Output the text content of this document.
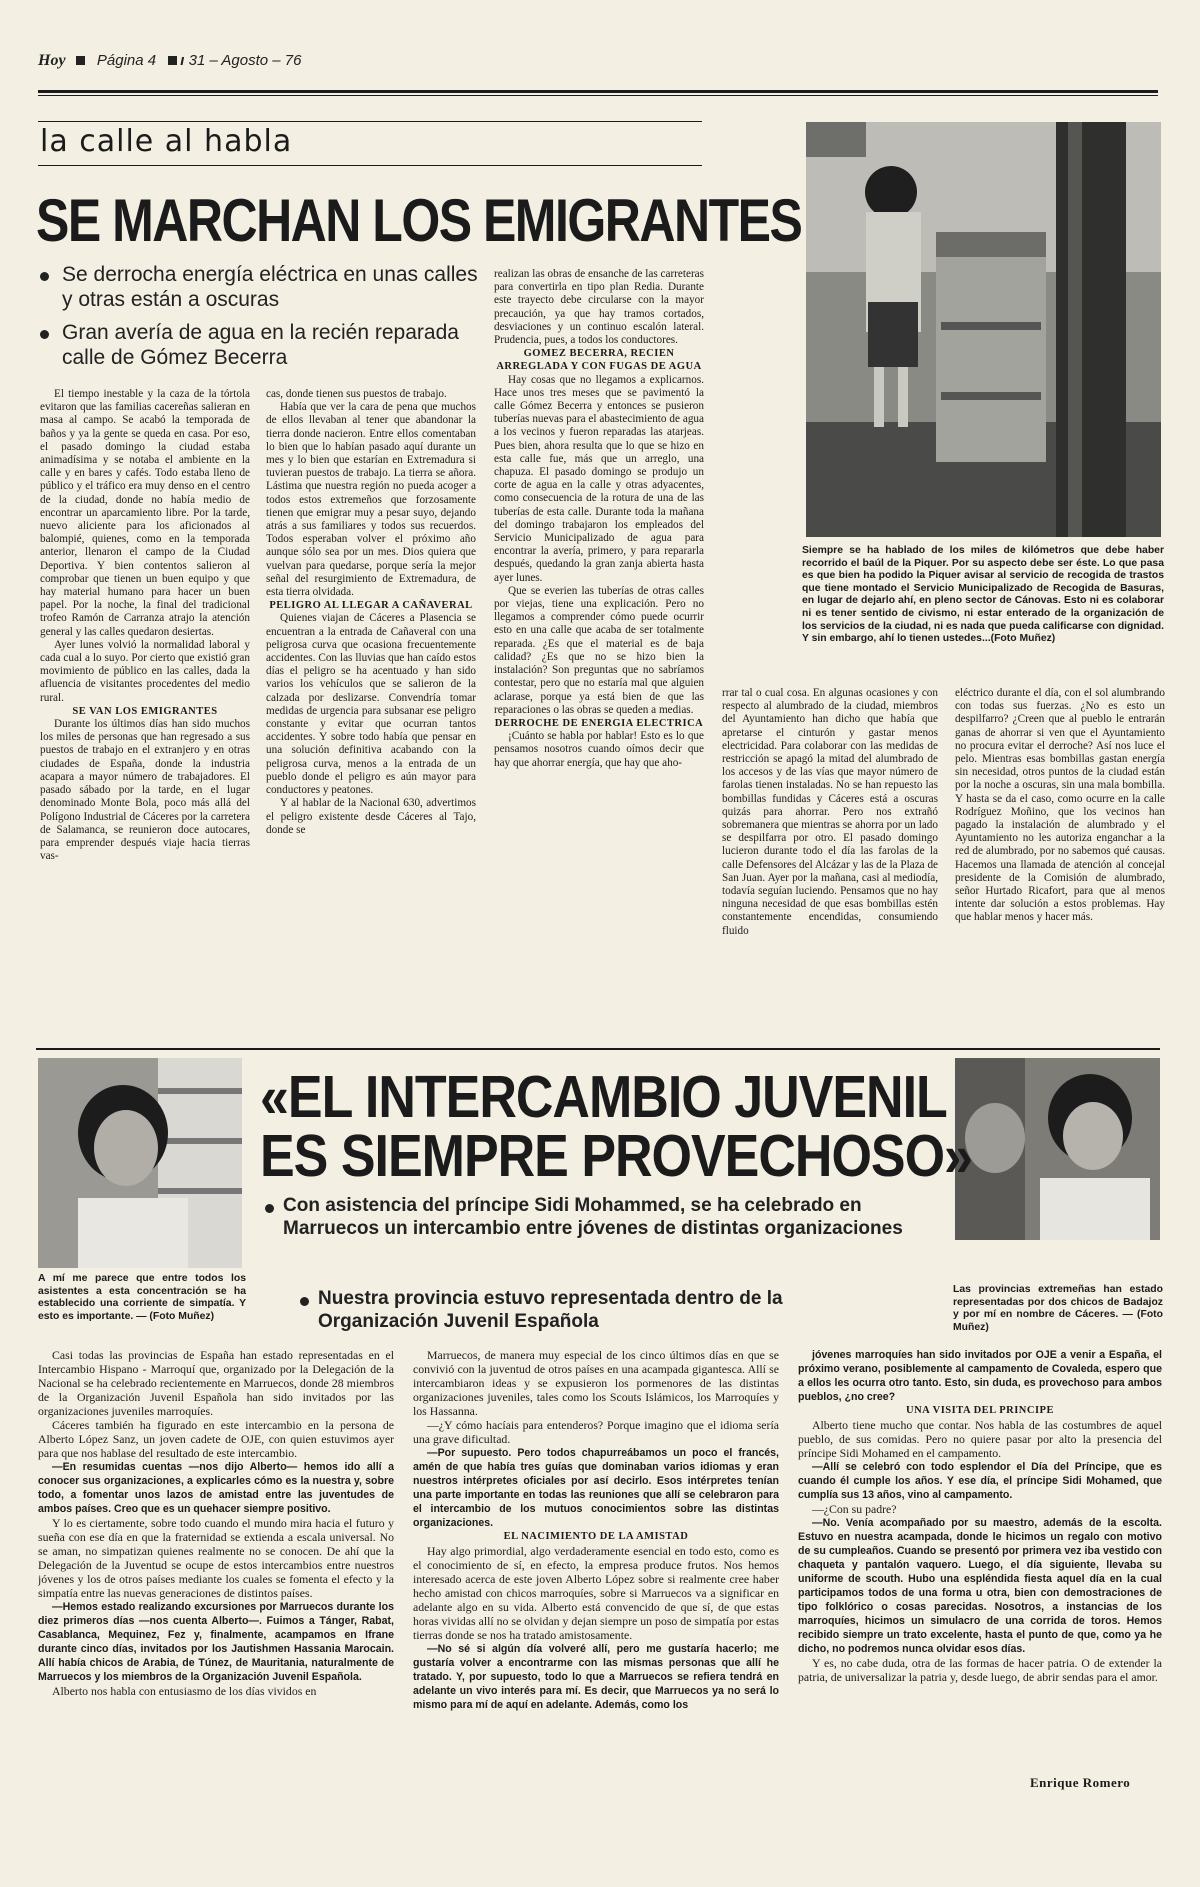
Hoy Página 4 ı 31 – Agosto – 76
la calle al habla
SE MARCHAN LOS EMIGRANTES
Se derrocha energía eléctrica en unas calles y otras están a oscuras
Gran avería de agua en la recién reparada calle de Gómez Becerra

El tiempo inestable y la caza de la tórtola evitaron que las familias cacereñas salieran en masa al campo. Se acabó la temporada de baños y ya la gente se queda en casa. Por eso, el pasado domingo la ciudad estaba animadísima y se notaba el ambiente en la calle y en bares y cafés. Todo estaba lleno de público y el tráfico era muy denso en el centro de la ciudad, donde no había medio de encontrar un aparcamiento libre. Por la tarde, nuevo aliciente para los aficionados al balompié, quienes, como en la temporada anterior, llenaron el campo de la Ciudad Deportiva. Y bien contentos salieron al comprobar que tienen un buen equipo y que hay material humano para hacer un buen papel. Por la noche, la final del tradicional trofeo Ramón de Carranza atrajo la atención general y las calles quedaron desiertas.

Ayer lunes volvió la normalidad laboral y cada cual a lo suyo. Por cierto que existió gran movimiento de público en las calles, dada la afluencia de visitantes procedentes del medio rural.

SE VAN LOS EMIGRANTES

Durante los últimos días han sido muchos los miles de personas que han regresado a sus puestos de trabajo en el extranjero y en otras ciudades de España, donde la industria acapara a mayor número de trabajadores. El pasado sábado por la tarde, en el lugar denominado Monte Bola, poco más allá del Polígono Industrial de Cáceres por la carretera de Salamanca, se reunieron doce autocares, para emprender después viaje hacia tierras vas-

cas, donde tienen sus puestos de trabajo.

Había que ver la cara de pena que muchos de ellos llevaban al tener que abandonar la tierra donde nacieron. Entre ellos comentaban lo bien que lo habían pasado aquí durante un mes y lo bien que estarían en Extremadura si tuvieran puestos de trabajo. La tierra se añora. Lástima que nuestra región no pueda acoger a todos estos extremeños que forzosamente tienen que emigrar muy a pesar suyo, dejando atrás a sus familiares y todos sus recuerdos. Todos esperaban volver el próximo año aunque sólo sea por un mes. Dios quiera que vuelvan para quedarse, porque sería la mejor señal del resurgimiento de Extremadura, de esta tierra olvidada.

PELIGRO AL LLEGAR A CAÑAVERAL

Quienes viajan de Cáceres a Plasencia se encuentran a la entrada de Cañaveral con una peligrosa curva que ocasiona frecuentemente accidentes. Con las lluvias que han caído estos días el peligro se ha acentuado y han sido varios los vehículos que se salieron de la calzada por deslizarse. Convendría tomar medidas de urgencia para subsanar ese peligro constante y evitar que ocurran tantos accidentes. Y sobre todo había que pensar en una solución definitiva acabando con la peligrosa curva, menos a la entrada de un pueblo donde el peligro es aún mayor para conductores y peatones.

Y al hablar de la Nacional 630, advertimos el peligro existente desde Cáceres al Tajo, donde se

realizan las obras de ensanche de las carreteras para convertirla en tipo plan Redia. Durante este trayecto debe circularse con la mayor precaución, ya que hay tramos cortados, desviaciones y un continuo escalón lateral. Prudencia, pues, a todos los conductores.

GOMEZ BECERRA, RECIEN ARREGLADA Y CON FUGAS DE AGUA

Hay cosas que no llegamos a explicarnos. Hace unos tres meses que se pavimentó la calle Gómez Becerra y entonces se pusieron tuberías nuevas para el abastecimiento de agua a los vecinos y fueron reparadas las atarjeas. Pues bien, ahora resulta que lo que se hizo en esta calle fue, más que un arreglo, una chapuza. El pasado domingo se produjo un corte de agua en la calle y otras adyacentes, como consecuencia de la rotura de una de las tuberías de esta calle. Durante toda la mañana del domingo trabajaron los empleados del Servicio Municipalizado de agua para encontrar la avería, primero, y para repararla después, quedando la gran zanja abierta hasta ayer lunes.

Que se everien las tuberías de otras calles por viejas, tiene una explicación. Pero no llegamos a comprender cómo puede ocurrir esto en una calle que acaba de ser totalmente reparada. ¿Es que el material es de baja calidad? ¿Es que no se hizo bien la instalación? Son preguntas que no sabríamos contestar, pero que no estaría mal que alguien aclarase, porque ya está bien de que las reparaciones o las obras se queden a medias.

DERROCHE DE ENERGIA ELECTRICA

¡Cuánto se habla por hablar! Esto es lo que pensamos nosotros cuando oímos decir que hay que ahorrar energía, que hay que aho-

rrar tal o cual cosa. En algunas ocasiones y con respecto al alumbrado de la ciudad, miembros del Ayuntamiento han dicho que había que apretarse el cinturón y gastar menos electricidad. Para colaborar con las medidas de restricción se apagó la mitad del alumbrado de los accesos y de las vías que mayor número de farolas tienen instaladas. No se han repuesto las bombillas fundidas y Cáceres está a oscuras quizás para ahorrar. Pero nos extrañó sobremanera que mientras se ahorra por un lado se despilfarra por otro. El pasado domingo lucieron durante todo el día las farolas de la calle Defensores del Alcázar y las de la Plaza de San Juan. Ayer por la mañana, casi al mediodía, todavía seguían luciendo. Pensamos que no hay ninguna necesidad de que esas bombillas estén constantemente encendidas, consumiendo fluido

eléctrico durante el día, con el sol alumbrando con todas sus fuerzas. ¿No es esto un despilfarro? ¿Creen que al pueblo le entrarán ganas de ahorrar si ven que el Ayuntamiento no procura evitar el derroche? Así nos luce el pelo. Mientras esas bombillas gastan energía sin necesidad, otros puntos de la ciudad están por la noche a oscuras, sin una mala bombilla. Y hasta se da el caso, como ocurre en la calle Rodríguez Moñino, que los vecinos han pagado la instalación de alumbrado y el Ayuntamiento no les autoriza enganchar a la red de alumbrado, por no sabemos qué causas. Hacemos una llamada de atención al concejal presidente de la Comisión de alumbrado, señor Hurtado Ricafort, para que al menos intente dar solución a estos problemas. Hay que hablar menos y hacer más.

Siempre se ha hablado de los miles de kilómetros que debe haber recorrido el baúl de la Piquer. Por su aspecto debe ser éste. Lo que pasa es que bien ha podido la Piquer avisar al servicio de recogida de trastos que tiene montado el Servicio Municipalizado de Recogida de Basuras, en lugar de dejarlo ahí, en pleno sector de Cánovas. Esto ni es colaborar ni es tener sentido de civismo, ni estar enterado de la organización de los servicios de la ciudad, ni es nada que pueda calificarse con dignidad. Y sin embargo, ahí lo tienen ustedes...(Foto Muñez)
A mí me parece que entre todos los asistentes a esta concentración se ha establecido una corriente de simpatía. Y esto es importante. — (Foto Muñez)
Las provincias extremeñas han estado representadas por dos chicos de Badajoz y por mí en nombre de Cáceres. — (Foto Muñez)
«EL INTERCAMBIO JUVENIL
ES SIEMPRE PROVECHOSO»
Con asistencia del príncipe Sidi Mohammed, se ha celebrado en Marruecos un intercambio entre jóvenes de distintas organizaciones
Nuestra provincia estuvo representada dentro de la Organización Juvenil Española

Casi todas las provincias de España han estado representadas en el Intercambio Hispano - Marroquí que, organizado por la Delegación de la Nacional se ha celebrado recientemente en Marruecos, donde 28 miembros de la Organización Juvenil Española han sido invitados por las organizaciones juveniles marroquíes.

Cáceres también ha figurado en este intercambio en la persona de Alberto López Sanz, un joven cadete de OJE, con quien estuvimos ayer para que nos hablase del resultado de este intercambio.

—En resumidas cuentas —nos dijo Alberto— hemos ido allí a conocer sus organizaciones, a explicarles cómo es la nuestra y, sobre todo, a fomentar unos lazos de amistad entre las juventudes de ambos países. Creo que es un quehacer siempre positivo.

Y lo es ciertamente, sobre todo cuando el mundo mira hacia el futuro y sueña con ese día en que la fraternidad se extienda a escala universal. No se aman, no simpatizan quienes realmente no se conocen. De ahí que la Delegación de la Juventud se ocupe de estos intercambios entre nuestros jóvenes y los de otros países mediante los cuales se fomenta el efecto y la simpatía entre las nuevas generaciones de distintos países.

—Hemos estado realizando excursiones por Marruecos durante los diez primeros días —nos cuenta Alberto—. Fuimos a Tánger, Rabat, Casablanca, Mequinez, Fez y, finalmente, acampamos en Ifrane durante cinco días, invitados por los Jautishmen Hassania Marocain. Allí había chicos de Arabia, de Túnez, de Mauritania, naturalmente de Marruecos y los miembros de la Organización Juvenil Española.

Alberto nos habla con entusiasmo de los días vividos en

Marruecos, de manera muy especial de los cinco últimos días en que se convivió con la juventud de otros países en una acampada gigantesca. Allí se intercambiaron ideas y se expusieron los pormenores de las distintas organizaciones juveniles, tales como los Scouts Islámicos, los Marroquíes y los Hassanna.

—¿Y cómo hacíais para entenderos? Porque imagino que el idioma sería una grave dificultad.

—Por supuesto. Pero todos chapurreábamos un poco el francés, amén de que había tres guías que dominaban varios idiomas y eran nuestros intérpretes oficiales por así decirlo. Esos intérpretes tenían una parte importante en todas las reuniones que allí se celebraron para el intercambio de los mutuos conocimientos sobre las distintas organizaciones.

EL NACIMIENTO DE LA AMISTAD

Hay algo primordial, algo verdaderamente esencial en todo esto, como es el conocimiento de sí, en efecto, la empresa produce frutos. Nos hemos interesado acerca de este joven Alberto López sobre si realmente cree haber hecho amistad con chicos marroquíes, sobre si Marruecos va a significar en adelante algo en su vida. Alberto está convencido de que sí, de que estas horas vividas allí no se olvidan y dejan siempre un poso de simpatía por estas tierras donde se nos ha tratado amistosamente.

—No sé si algún día volveré allí, pero me gustaría hacerlo; me gustaría volver a encontrarme con las mismas personas que allí he tratado. Y, por supuesto, todo lo que a Marruecos se refiera tendrá en adelante un vivo interés para mí. Es decir, que Marruecos ya no será lo mismo para mí de aquí en adelante. Además, como los

jóvenes marroquíes han sido invitados por OJE a venir a España, el próximo verano, posiblemente al campamento de Covaleda, espero que a ellos les ocurra otro tanto. Esto, sin duda, es provechoso para ambos pueblos, ¿no cree?

UNA VISITA DEL PRINCIPE

Alberto tiene mucho que contar. Nos habla de las costumbres de aquel pueblo, de sus comidas. Pero no quiere pasar por alto la presencia del príncipe Sidi Mohamed en el campamento.

—Allí se celebró con todo esplendor el Día del Príncipe, que es cuando él cumple los años. Y ese día, el príncipe Sidi Mohamed, que cumplía sus 13 años, vino al campamento.

—¿Con su padre?

—No. Venía acompañado por su maestro, además de la escolta. Estuvo en nuestra acampada, donde le hicimos un regalo con motivo de su cumpleaños. Cuando se presentó por primera vez iba vestido con chaqueta y pantalón vaquero. Luego, el día siguiente, llevaba su uniforme de scouth. Hubo una espléndida fiesta aquel día en la cual participamos todos de una forma u otra, bien con demostraciones de tipo folklórico o cosas parecidas. Nosotros, a instancias de los marroquíes, hicimos un simulacro de una corrida de toros. Hemos recibido siempre un trato excelente, hasta el punto de que, como ya he dicho, no podremos nunca olvidar esos días.

Y es, no cabe duda, otra de las formas de hacer patria. O de extender la patria, de universalizar la patria y, desde luego, de abrir sendas para el amor.

Enrique Romero
